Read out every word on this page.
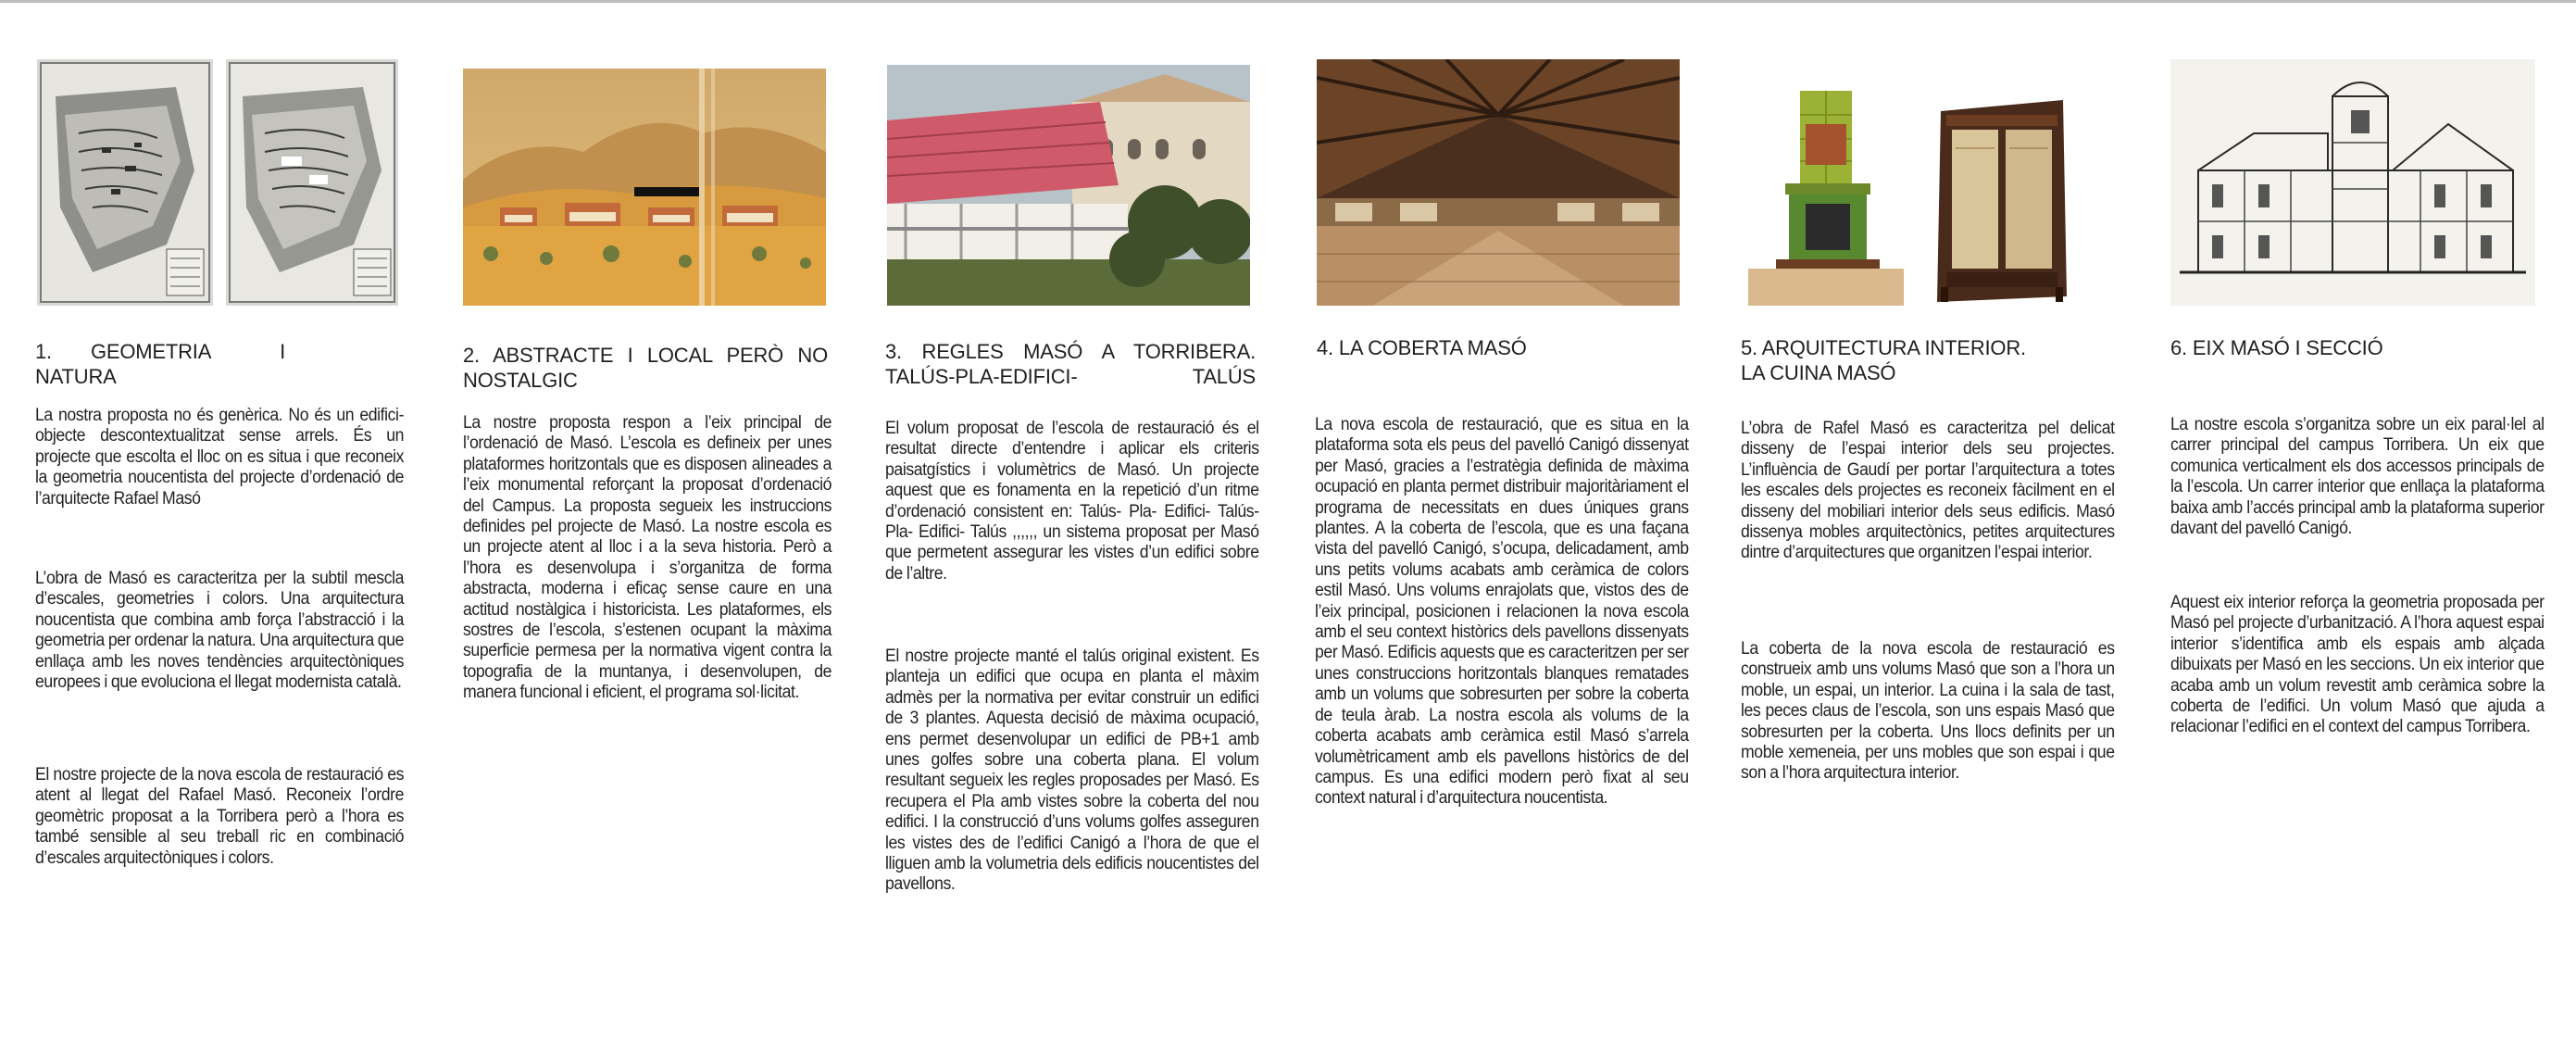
1. GEOMETRIA I NATURA
La nostra proposta no és genèrica. No és un edifici-objecte descontextualitzat sense arrels. És un projecte que escolta el lloc on es situa i que reconeix la geometria noucentista del projecte d’ordenació de l’arquitecte Rafael Masó
L’obra de Masó es caracteritza per la subtil mescla d’escales, geometries i colors. Una arquitectura noucentista que combina amb força l’abstracció i la geometria per ordenar la natura. Una arquitectura que enllaça amb les noves tendències arquitectòniques europees i que evoluciona el llegat modernista català.
El nostre projecte de la nova escola de restauració es atent al llegat del Rafael Masó. Reconeix l’ordre geomètric proposat a la Torribera però a l’hora es també sensible al seu treball ric en combinació d’escales arquitectòniques i colors.
2. ABSTRACTE I LOCAL PERÒ NO NOSTALGIC
La nostre proposta respon a l’eix principal de l’ordenació de Masó. L’escola es defineix per unes plataformes horitzontals que es disposen alineades a l’eix monumental reforçant la proposat d’ordenació del Campus. La proposta segueix les instruccions definides pel projecte de Masó. La nostre escola es un projecte atent al lloc i a la seva historia. Però a l’hora es desenvolupa i s’organitza de forma abstracta, moderna i eficaç sense caure en una actitud nostàlgica i historicista. Les plataformes, els sostres de l’escola, s’estenen ocupant la màxima superficie permesa per la normativa vigent contra la topografia de la muntanya, i desenvolupen, de manera funcional i eficient, el programa sol·licitat.
3. REGLES MASÓ A TORRIBERA. TALÚS-PLA-EDIFICI- TALÚS
El volum proposat de l’escola de restauració és el resultat directe d’entendre i aplicar els criteris paisatgístics i volumètrics de Masó. Un projecte aquest que es fonamenta en la repetició d’un ritme d’ordenació consistent en: Talús- Pla- Edifici- Talús- Pla- Edifici- Talús ,,,,,, un sistema proposat per Masó que permetent assegurar les vistes d’un edifici sobre de l’altre.
El nostre projecte manté el talús original existent. Es planteja un edifici que ocupa en planta el màxim admès per la normativa per evitar construir un edifici de 3 plantes. Aquesta decisió de màxima ocupació, ens permet desenvolupar un edifici de PB+1 amb unes golfes sobre una coberta plana. El volum resultant segueix les regles proposades per Masó. Es recupera el Pla amb vistes sobre la coberta del nou edifici. I la construcció d’uns volums golfes asseguren les vistes des de l’edifici Canigó a l’hora de que el lliguen amb la volumetria dels edificis noucentistes del pavellons.
4. LA COBERTA MASÓ
La nova escola de restauració, que es situa en la plataforma sota els peus del pavelló Canigó dissenyat per Masó, gracies a l’estratègia definida de màxima ocupació en planta permet distribuir majoritàriament el programa de necessitats en dues úniques grans plantes. A la coberta de l’escola, que es una façana vista del pavelló Canigó, s’ocupa, delicadament, amb uns petits volums acabats amb ceràmica de colors estil Masó. Uns volums enrajolats que, vistos des de l’eix principal, posicionen i relacionen la nova escola amb el seu context històrics dels pavellons dissenyats per Masó. Edificis aquests que es caracteritzen per ser unes construccions horitzontals blanques rematades amb un volums que sobresurten per sobre la coberta de teula àrab. La nostra escola als volums de la coberta acabats amb ceràmica estil Masó s’arrela volumètricament amb els pavellons històrics de del campus. Es una edifici modern però fixat al seu context natural i d’arquitectura noucentista.
5. ARQUITECTURA INTERIOR.
LA CUINA MASÓ
L’obra de Rafel Masó es caracteritza pel delicat disseny de l’espai interior dels seu projectes. L’influència de Gaudí per portar l’arquitectura a totes les escales dels projectes es reconeix fàcilment en el disseny del mobiliari interior dels seus edificis. Masó dissenya mobles arquitectònics, petites arquitectures dintre d’arquitectures que organitzen l’espai interior.
La coberta de la nova escola de restauració es construeix amb uns volums Masó que son a l’hora un moble, un espai, un interior. La cuina i la sala de tast, les peces claus de l’escola, son uns espais Masó que sobresurten per la coberta. Uns llocs definits per un moble xemeneia, per uns mobles que son espai i que son a l’hora arquitectura interior.
6. EIX MASÓ I SECCIÓ
La nostre escola s’organitza sobre un eix paral·lel al carrer principal del campus Torribera. Un eix que comunica verticalment els dos accessos principals de la l’escola. Un carrer interior que enllaça la plataforma baixa amb l’accés principal amb la plataforma superior davant del pavelló Canigó.
Aquest eix interior reforça la geometria proposada per Masó pel projecte d’urbanització. A l’hora aquest espai interior s’identifica amb els espais amb alçada dibuixats per Masó en les seccions. Un eix interior que acaba amb un volum revestit amb ceràmica sobre la coberta de l’edifici. Un volum Masó que ajuda a relacionar l’edifici en el context del campus Torribera.
